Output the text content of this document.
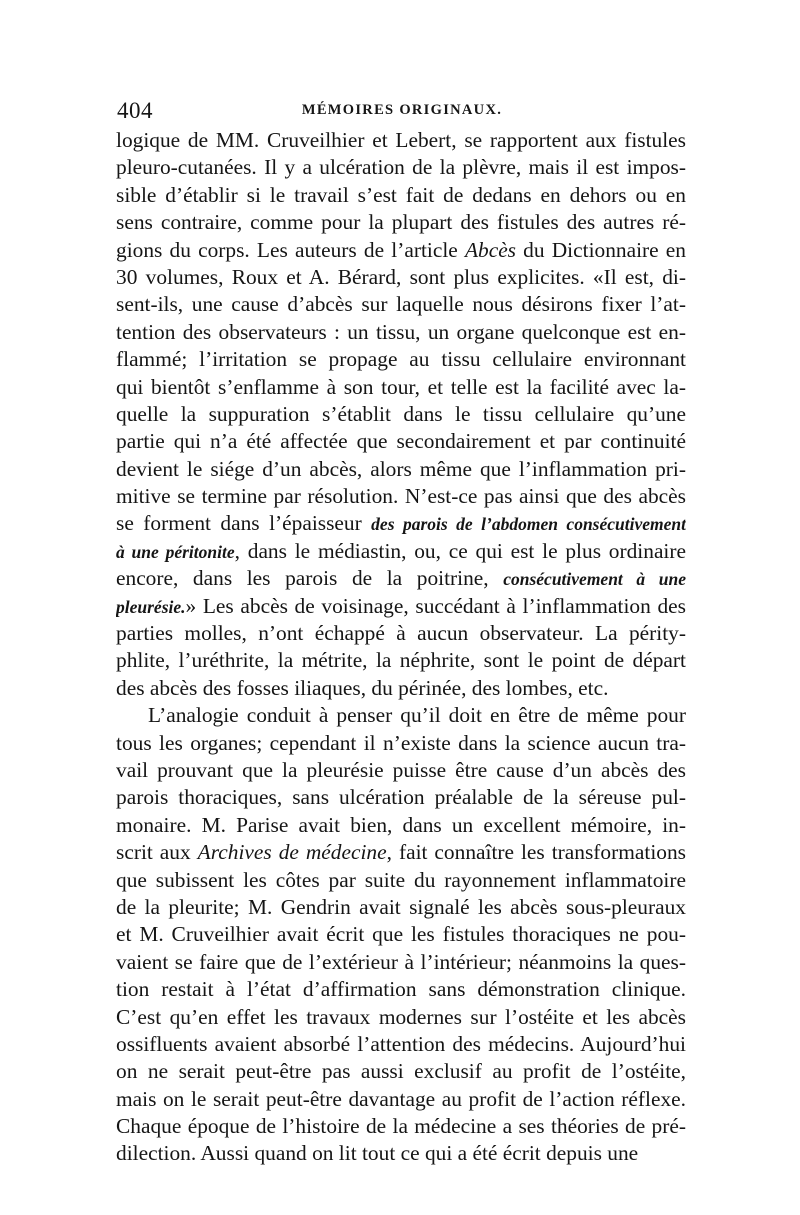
404	MÉMOIRES ORIGINAUX.
logique de MM. Cruveilhier et Lebert, se rapportent aux fistules
pleuro-cutanées. Il y a ulcération de la plèvre, mais il est impos-
sible d’établir si le travail s’est fait de dedans en dehors ou en
sens contraire, comme pour la plupart des fistules des autres ré-
gions du corps. Les auteurs de l’article Abcès du Dictionnaire en
30 volumes, Roux et A. Bérard, sont plus explicites. «Il est, di-
sent-ils, une cause d’abcès sur laquelle nous désirons fixer l’at-
tention des observateurs : un tissu, un organe quelconque est en-
flammé; l’irritation se propage au tissu cellulaire environnant
qui bientôt s’enflamme à son tour, et telle est la facilité avec la-
quelle la suppuration s’établit dans le tissu cellulaire qu’une
partie qui n’a été affectée que secondairement et par continuité
devient le siége d’un abcès, alors même que l’inflammation pri-
mitive se termine par résolution. N’est-ce pas ainsi que des abcès
se forment dans l’épaisseur des parois de l’abdomen consécutivement
à une péritonite, dans le médiastin, ou, ce qui est le plus ordinaire
encore, dans les parois de la poitrine, consécutivement à une
pleurésie.» Les abcès de voisinage, succédant à l’inflammation des
parties molles, n’ont échappé à aucun observateur. La périty-
phlite, l’uréthrite, la métrite, la néphrite, sont le point de départ
des abcès des fosses iliaques, du périnée, des lombes, etc.
L’analogie conduit à penser qu’il doit en être de même pour
tous les organes; cependant il n’existe dans la science aucun tra-
vail prouvant que la pleurésie puisse être cause d’un abcès des
parois thoraciques, sans ulcération préalable de la séreuse pul-
monaire. M. Parise avait bien, dans un excellent mémoire, in-
scrit aux Archives de médecine, fait connaître les transformations
que subissent les côtes par suite du rayonnement inflammatoire
de la pleurite; M. Gendrin avait signalé les abcès sous-pleuraux
et M. Cruveilhier avait écrit que les fistules thoraciques ne pou-
vaient se faire que de l’extérieur à l’intérieur; néanmoins la ques-
tion restait à l’état d’affirmation sans démonstration clinique.
C’est qu’en effet les travaux modernes sur l’ostéite et les abcès
ossifluents avaient absorbé l’attention des médecins. Aujourd’hui
on ne serait peut-être pas aussi exclusif au profit de l’ostéite,
mais on le serait peut-être davantage au profit de l’action réflexe.
Chaque époque de l’histoire de la médecine a ses théories de pré-
dilection. Aussi quand on lit tout ce qui a été écrit depuis une
